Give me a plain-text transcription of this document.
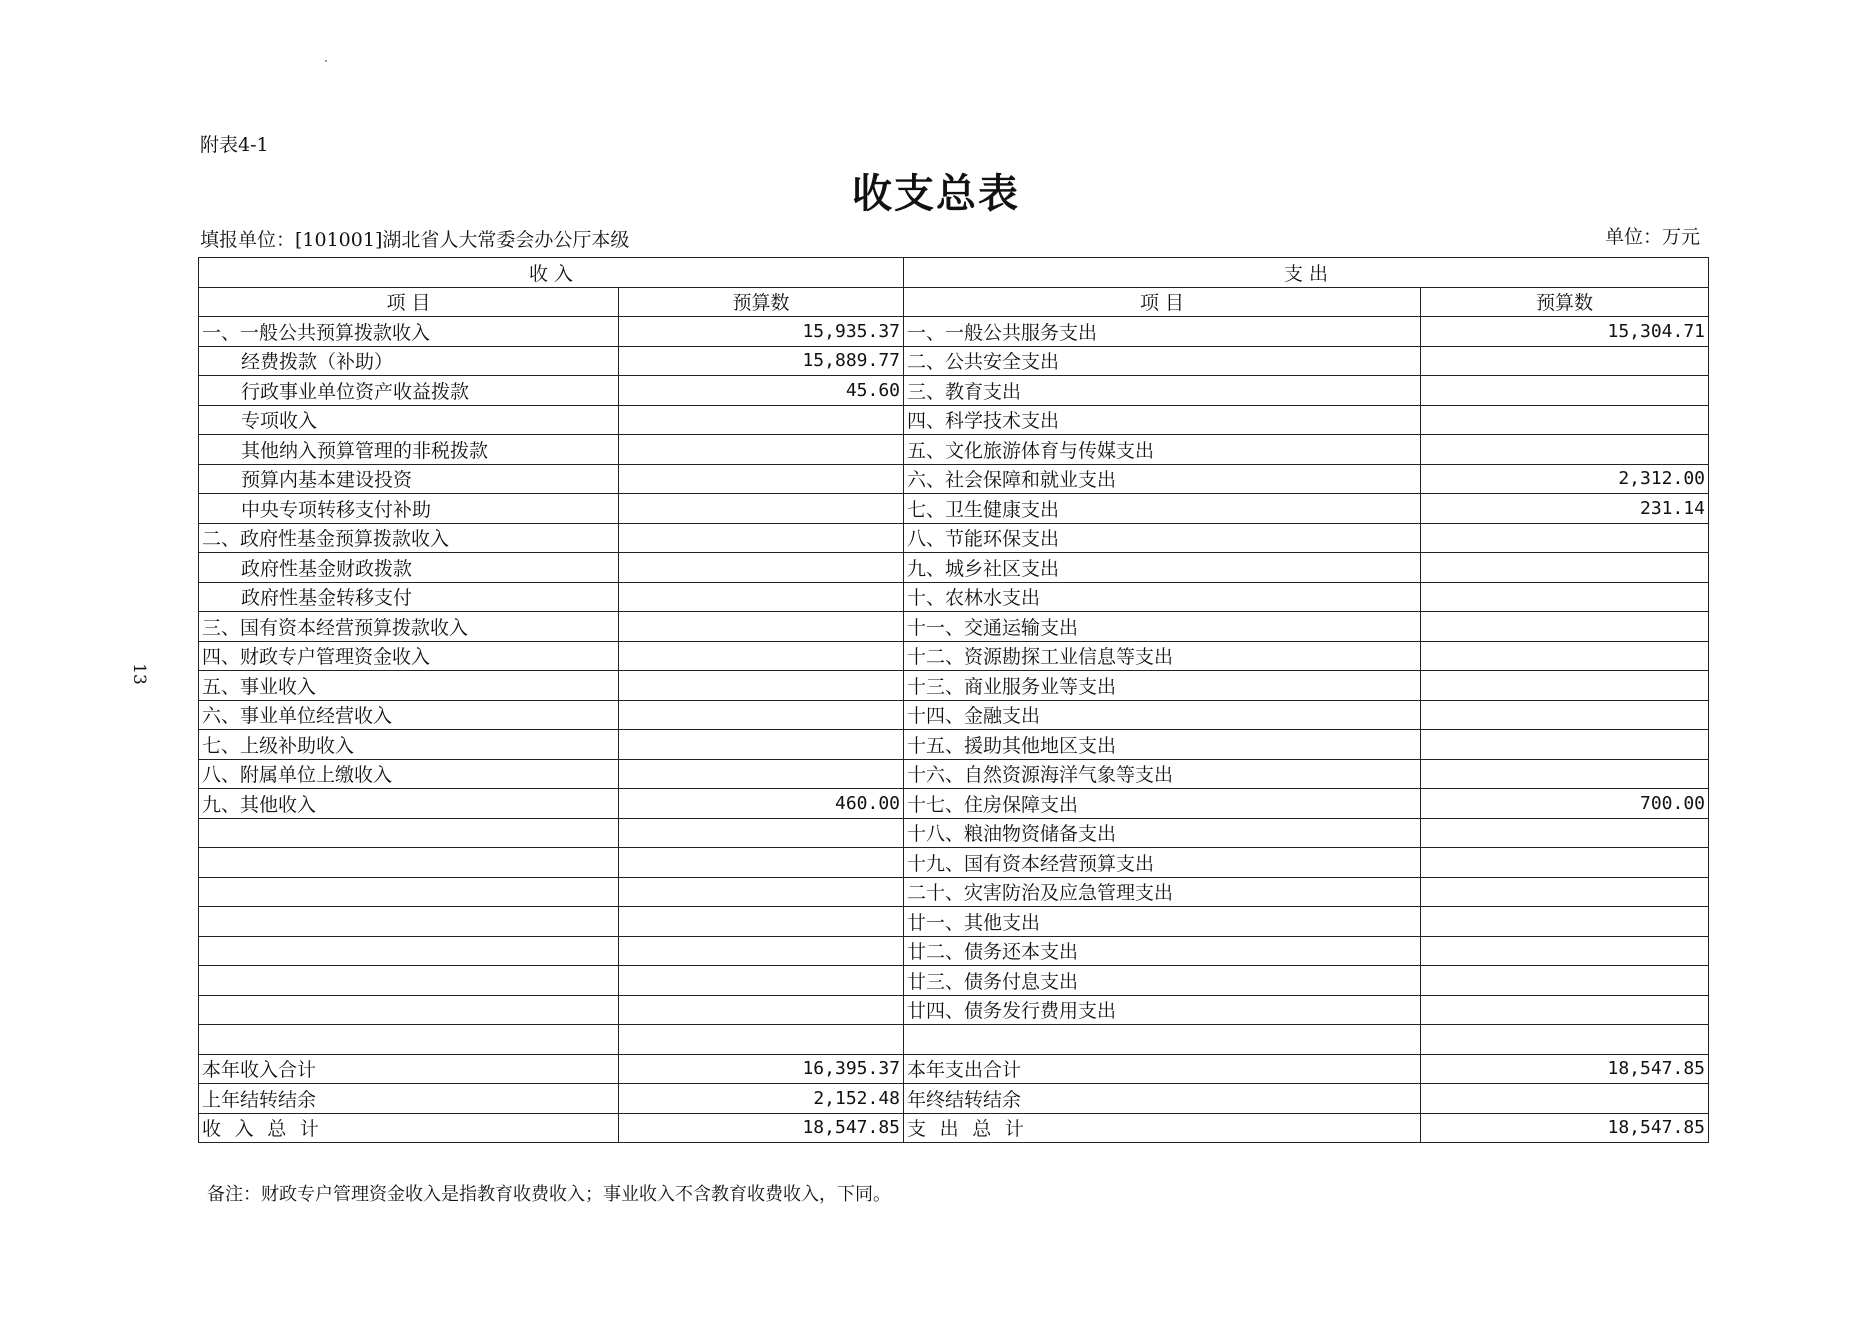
附表4-1
收支总表
填报单位：[101001]湖北省人大常委会办公厅本级	单位：万元
13
收 入		支 出	
项 目	预算数	项 目	预算数
一、一般公共预算拨款收入	15,935.37	一、一般公共服务支出	15,304.71
经费拨款（补助）	15,889.77	二、公共安全支出	
行政事业单位资产收益拨款	45.60	三、教育支出	
专项收入		四、科学技术支出	
其他纳入预算管理的非税拨款		五、文化旅游体育与传媒支出	
预算内基本建设投资		六、社会保障和就业支出	2,312.00
中央专项转移支付补助		七、卫生健康支出	231.14
二、政府性基金预算拨款收入		八、节能环保支出	
政府性基金财政拨款		九、城乡社区支出	
政府性基金转移支付		十、农林水支出	
三、国有资本经营预算拨款收入		十一、交通运输支出	
四、财政专户管理资金收入		十二、资源勘探工业信息等支出	
五、事业收入		十三、商业服务业等支出	
六、事业单位经营收入		十四、金融支出	
七、上级补助收入		十五、援助其他地区支出	
八、附属单位上缴收入		十六、自然资源海洋气象等支出	
九、其他收入	460.00	十七、住房保障支出	700.00
		十八、粮油物资储备支出	
		十九、国有资本经营预算支出	
		二十、灾害防治及应急管理支出	
		廿一、其他支出	
		廿二、债务还本支出	
		廿三、债务付息支出	
		廿四、债务发行费用支出	

本年收入合计	16,395.37	本年支出合计	18,547.85
上年结转结余	2,152.48	年终结转结余	
收 入 总 计	18,547.85	支 出 总 计	18,547.85
备注：财政专户管理资金收入是指教育收费收入；事业收入不含教育收费收入，下同。
